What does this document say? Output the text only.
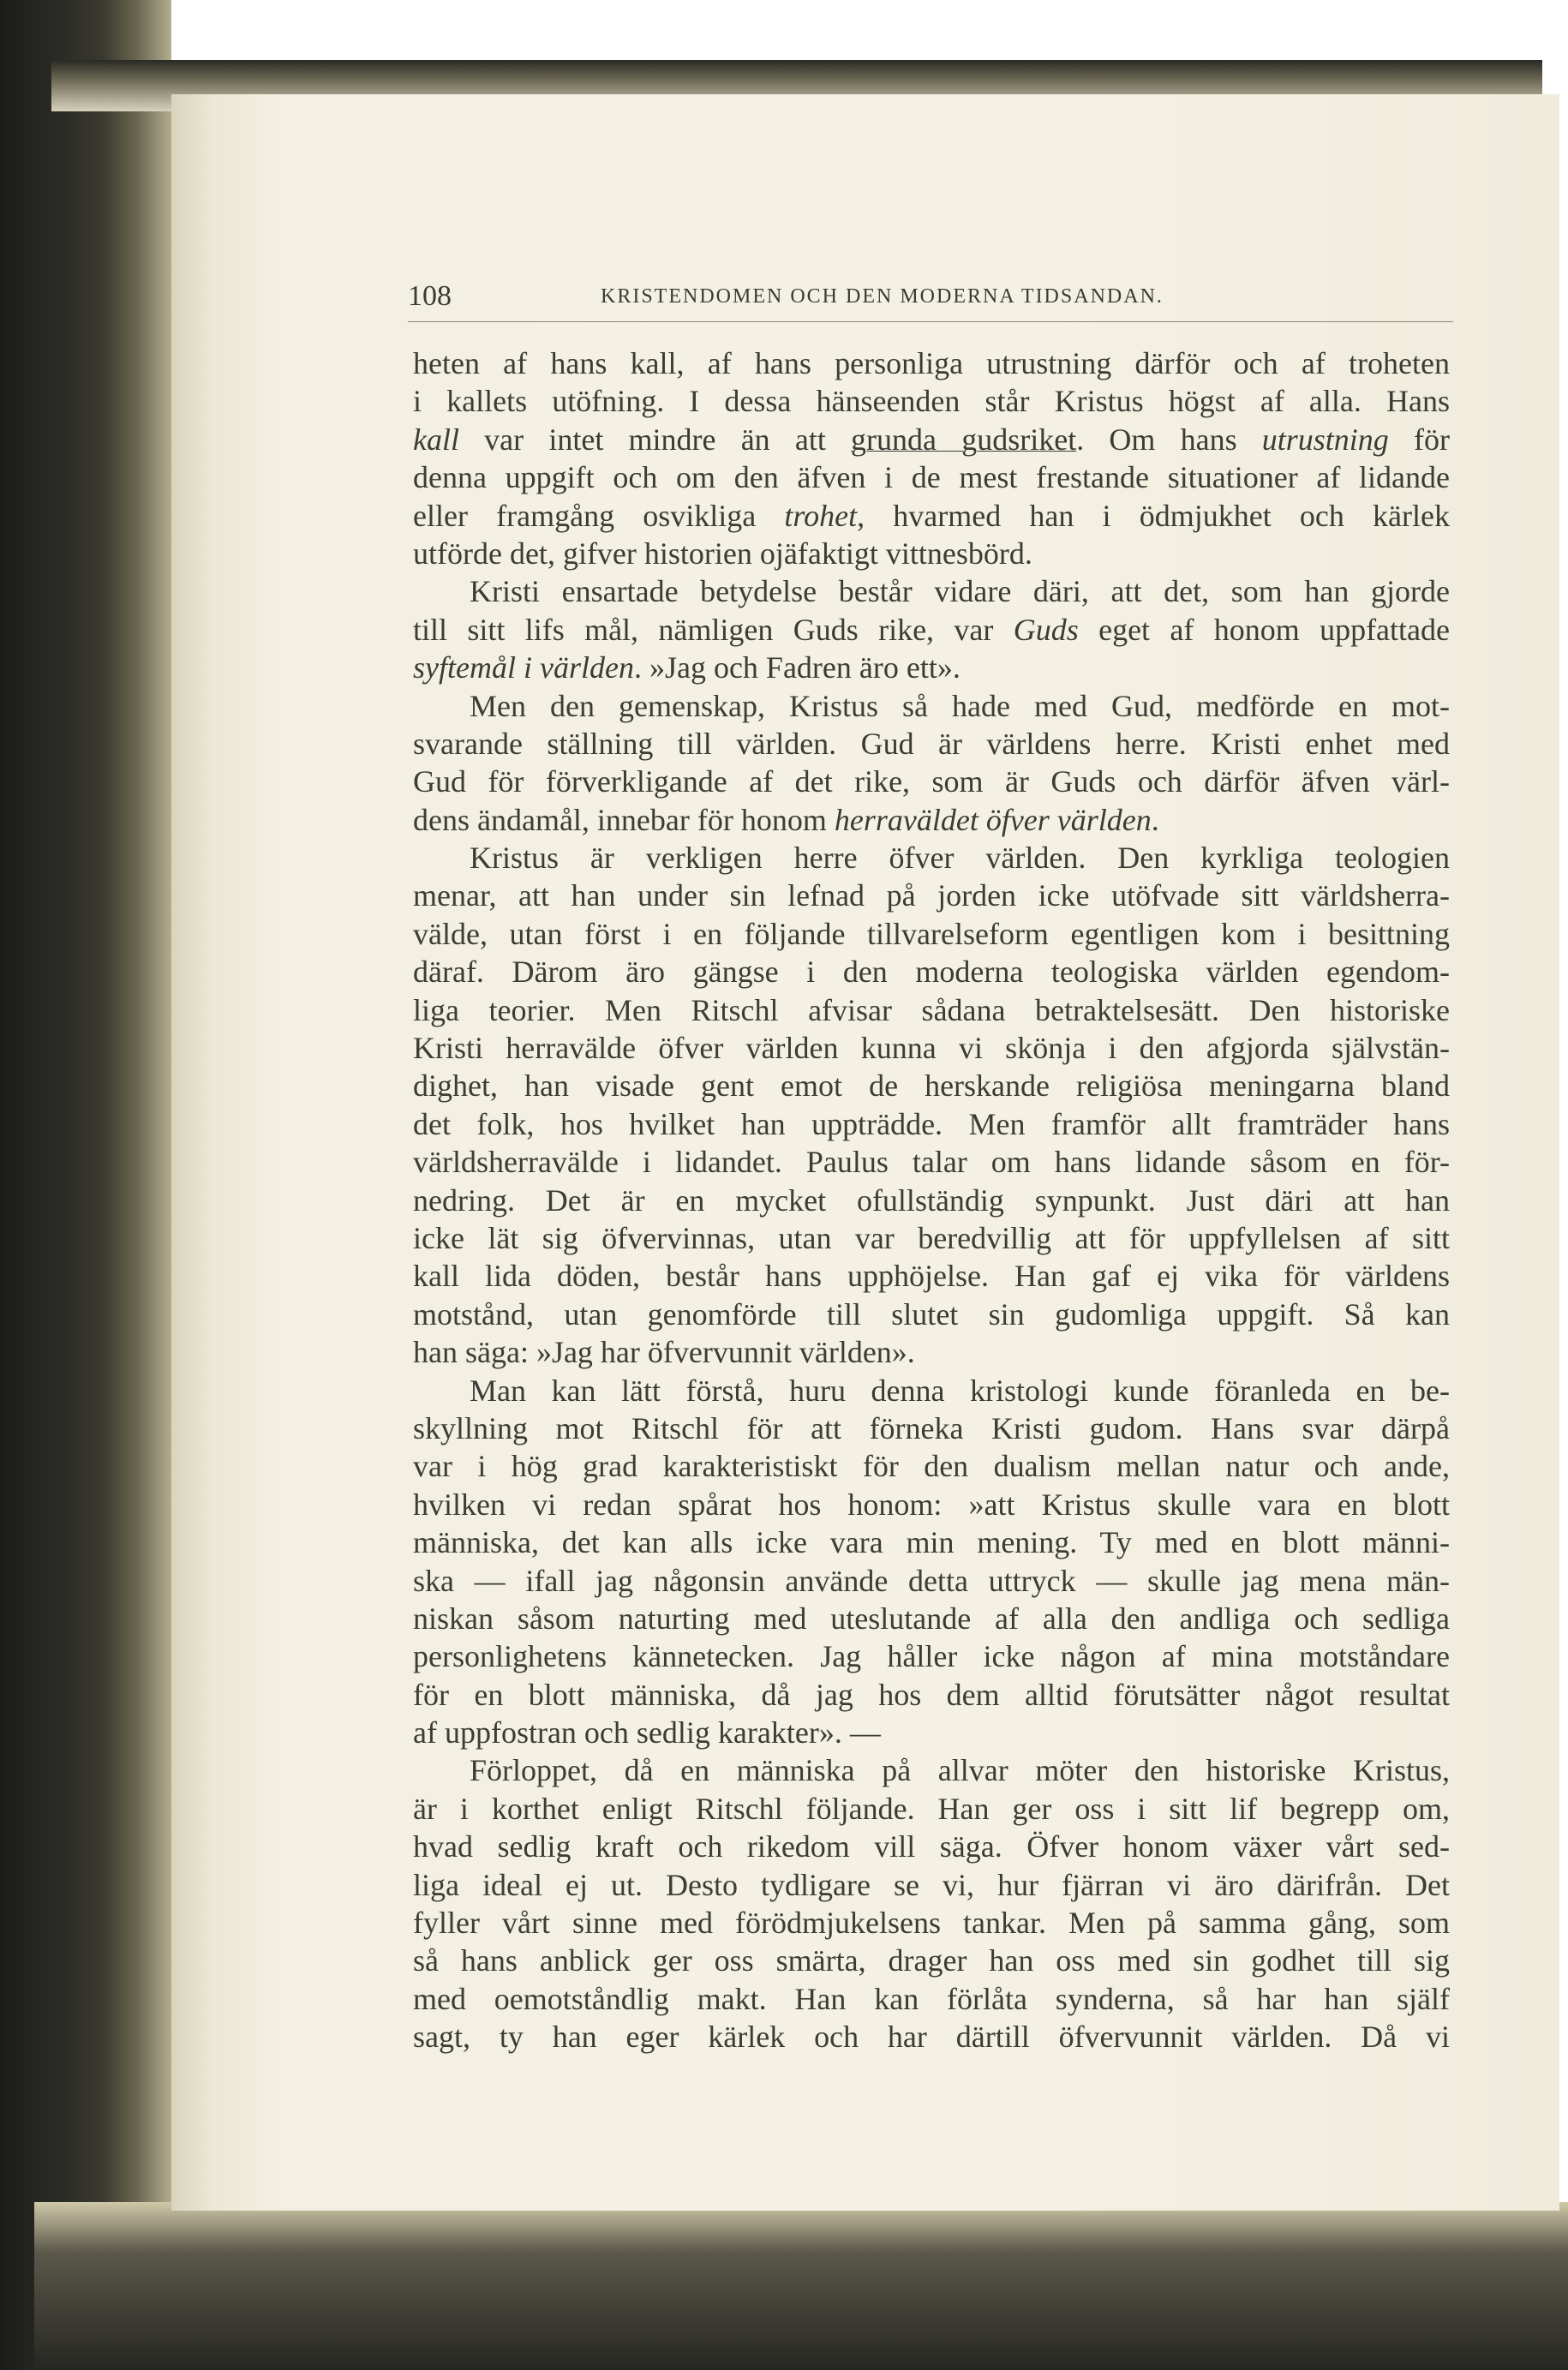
108	KRISTENDOMEN OCH DEN MODERNA TIDSANDAN.
heten af hans kall, af hans personliga utrustning därför och af troheten
i kallets utöfning. I dessa hänseenden står Kristus högst af alla. Hans
kall var intet mindre än att grunda gudsriket. Om hans utrustning för
denna uppgift och om den äfven i de mest frestande situationer af lidande
eller framgång osvikliga trohet, hvarmed han i ödmjukhet och kärlek
utförde det, gifver historien ojäfaktigt vittnesbörd.
Kristi ensartade betydelse består vidare däri, att det, som han gjorde
till sitt lifs mål, nämligen Guds rike, var Guds eget af honom uppfattade
syftemål i världen. »Jag och Fadren äro ett».
Men den gemenskap, Kristus så hade med Gud, medförde en mot-
svarande ställning till världen. Gud är världens herre. Kristi enhet med
Gud för förverkligande af det rike, som är Guds och därför äfven värl-
dens ändamål, innebar för honom herraväldet öfver världen.
Kristus är verkligen herre öfver världen. Den kyrkliga teologien
menar, att han under sin lefnad på jorden icke utöfvade sitt världsherra-
välde, utan först i en följande tillvarelseform egentligen kom i besittning
däraf. Därom äro gängse i den moderna teologiska världen egendom-
liga teorier. Men Ritschl afvisar sådana betraktelsesätt. Den historiske
Kristi herravälde öfver världen kunna vi skönja i den afgjorda självstän-
dighet, han visade gent emot de herskande religiösa meningarna bland
det folk, hos hvilket han uppträdde. Men framför allt framträder hans
världsherravälde i lidandet. Paulus talar om hans lidande såsom en för-
nedring. Det är en mycket ofullständig synpunkt. Just däri att han
icke lät sig öfvervinnas, utan var beredvillig att för uppfyllelsen af sitt
kall lida döden, består hans upphöjelse. Han gaf ej vika för världens
motstånd, utan genomförde till slutet sin gudomliga uppgift. Så kan
han säga: »Jag har öfvervunnit världen».
Man kan lätt förstå, huru denna kristologi kunde föranleda en be-
skyllning mot Ritschl för att förneka Kristi gudom. Hans svar därpå
var i hög grad karakteristiskt för den dualism mellan natur och ande,
hvilken vi redan spårat hos honom: »att Kristus skulle vara en blott
människa, det kan alls icke vara min mening. Ty med en blott männi-
ska — ifall jag någonsin använde detta uttryck — skulle jag mena män-
niskan såsom naturting med uteslutande af alla den andliga och sedliga
personlighetens kännetecken. Jag håller icke någon af mina motståndare
för en blott människa, då jag hos dem alltid förutsätter något resultat
af uppfostran och sedlig karakter». —
Förloppet, då en människa på allvar möter den historiske Kristus,
är i korthet enligt Ritschl följande. Han ger oss i sitt lif begrepp om,
hvad sedlig kraft och rikedom vill säga. Öfver honom växer vårt sed-
liga ideal ej ut. Desto tydligare se vi, hur fjärran vi äro därifrån. Det
fyller vårt sinne med förödmjukelsens tankar. Men på samma gång, som
så hans anblick ger oss smärta, drager han oss med sin godhet till sig
med oemotståndlig makt. Han kan förlåta synderna, så har han själf
sagt, ty han eger kärlek och har därtill öfvervunnit världen. Då vi
